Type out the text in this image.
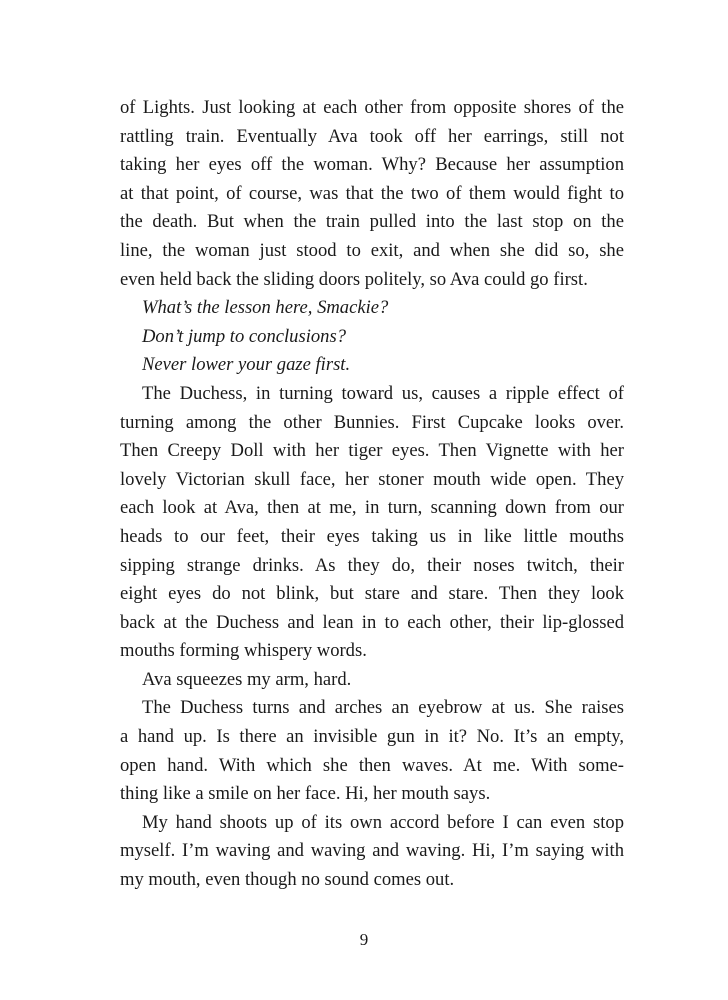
of Lights. Just looking at each other from opposite shores of the
rattling train. Eventually Ava took off her earrings, still not
taking her eyes off the woman. Why? Because her assumption
at that point, of course, was that the two of them would fight to
the death. But when the train pulled into the last stop on the
line, the woman just stood to exit, and when she did so, she
even held back the sliding doors politely, so Ava could go first.
What’s the lesson here, Smackie?
Don’t jump to conclusions?
Never lower your gaze first.
The Duchess, in turning toward us, causes a ripple effect of
turning among the other Bunnies. First Cupcake looks over.
Then Creepy Doll with her tiger eyes. Then Vignette with her
lovely Victorian skull face, her stoner mouth wide open. They
each look at Ava, then at me, in turn, scanning down from our
heads to our feet, their eyes taking us in like little mouths
sipping strange drinks. As they do, their noses twitch, their
eight eyes do not blink, but stare and stare. Then they look
back at the Duchess and lean in to each other, their lip-glossed
mouths forming whispery words.
Ava squeezes my arm, hard.
The Duchess turns and arches an eyebrow at us. She raises
a hand up. Is there an invisible gun in it? No. It’s an empty,
open hand. With which she then waves. At me. With some-
thing like a smile on her face. Hi, her mouth says.
My hand shoots up of its own accord before I can even stop
myself. I’m waving and waving and waving. Hi, I’m saying with
my mouth, even though no sound comes out.
9
